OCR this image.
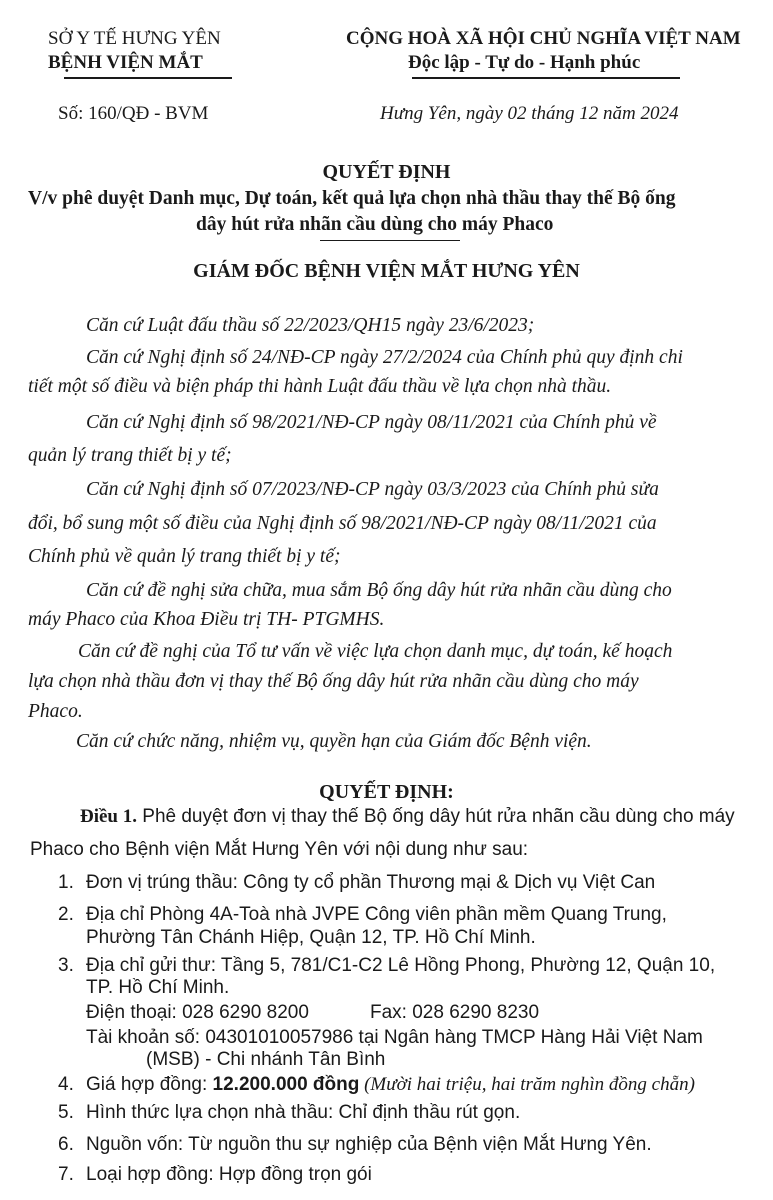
SỞ Y TẾ HƯNG YÊN
BỆNH VIỆN MẮT
CỘNG HOÀ XÃ HỘI CHỦ NGHĨA VIỆT NAM
Độc lập - Tự do - Hạnh phúc
Số: 160/QĐ - BVM	Hưng Yên, ngày 02 tháng 12 năm 2024
QUYẾT ĐỊNH
V/v phê duyệt Danh mục, Dự toán, kết quả lựa chọn nhà thầu thay thế Bộ ống
dây hút rửa nhãn cầu dùng cho máy Phaco
GIÁM ĐỐC BỆNH VIỆN MẮT HƯNG YÊN
Căn cứ Luật đấu thầu số 22/2023/QH15 ngày 23/6/2023;
Căn cứ Nghị định số 24/NĐ-CP ngày 27/2/2024 của Chính phủ quy định chi
tiết một số điều và biện pháp thi hành Luật đấu thầu về lựa chọn nhà thầu.
Căn cứ Nghị định số 98/2021/NĐ-CP ngày 08/11/2021 của Chính phủ về
quản lý trang thiết bị y tế;
Căn cứ Nghị định số 07/2023/NĐ-CP ngày 03/3/2023 của Chính phủ sửa
đổi, bổ sung một số điều của Nghị định số 98/2021/NĐ-CP ngày 08/11/2021 của
Chính phủ về quản lý trang thiết bị y tế;
Căn cứ đề nghị sửa chữa, mua sắm Bộ ống dây hút rửa nhãn cầu dùng cho
máy Phaco của Khoa Điều trị TH- PTGMHS.
Căn cứ đề nghị của Tổ tư vấn về việc lựa chọn danh mục, dự toán, kế hoạch
lựa chọn nhà thầu đơn vị thay thế Bộ ống dây hút rửa nhãn cầu dùng cho máy
Phaco.
Căn cứ chức năng, nhiệm vụ, quyền hạn của Giám đốc Bệnh viện.
QUYẾT ĐỊNH:
Điều 1. Phê duyệt đơn vị thay thế Bộ ống dây hút rửa nhãn cầu dùng cho máy
Phaco cho Bệnh viện Mắt Hưng Yên với nội dung như sau:
1. Đơn vị trúng thầu: Công ty cổ phần Thương mại & Dịch vụ Việt Can
2. Địa chỉ Phòng 4A-Toà nhà JVPE Công viên phần mềm Quang Trung,
Phường Tân Chánh Hiệp, Quận 12, TP. Hồ Chí Minh.
3. Địa chỉ gửi thư: Tầng 5, 781/C1-C2 Lê Hồng Phong, Phường 12, Quận 10,
TP. Hồ Chí Minh.
Điện thoại: 028 6290 8200	Fax: 028 6290 8230
Tài khoản số: 04301010057986 tại Ngân hàng TMCP Hàng Hải Việt Nam
(MSB) - Chi nhánh Tân Bình
4. Giá hợp đồng: 12.200.000 đồng (Mười hai triệu, hai trăm nghìn đồng chẵn)
5. Hình thức lựa chọn nhà thầu: Chỉ định thầu rút gọn.
6. Nguồn vốn: Từ nguồn thu sự nghiệp của Bệnh viện Mắt Hưng Yên.
7. Loại hợp đồng: Hợp đồng trọn gói
